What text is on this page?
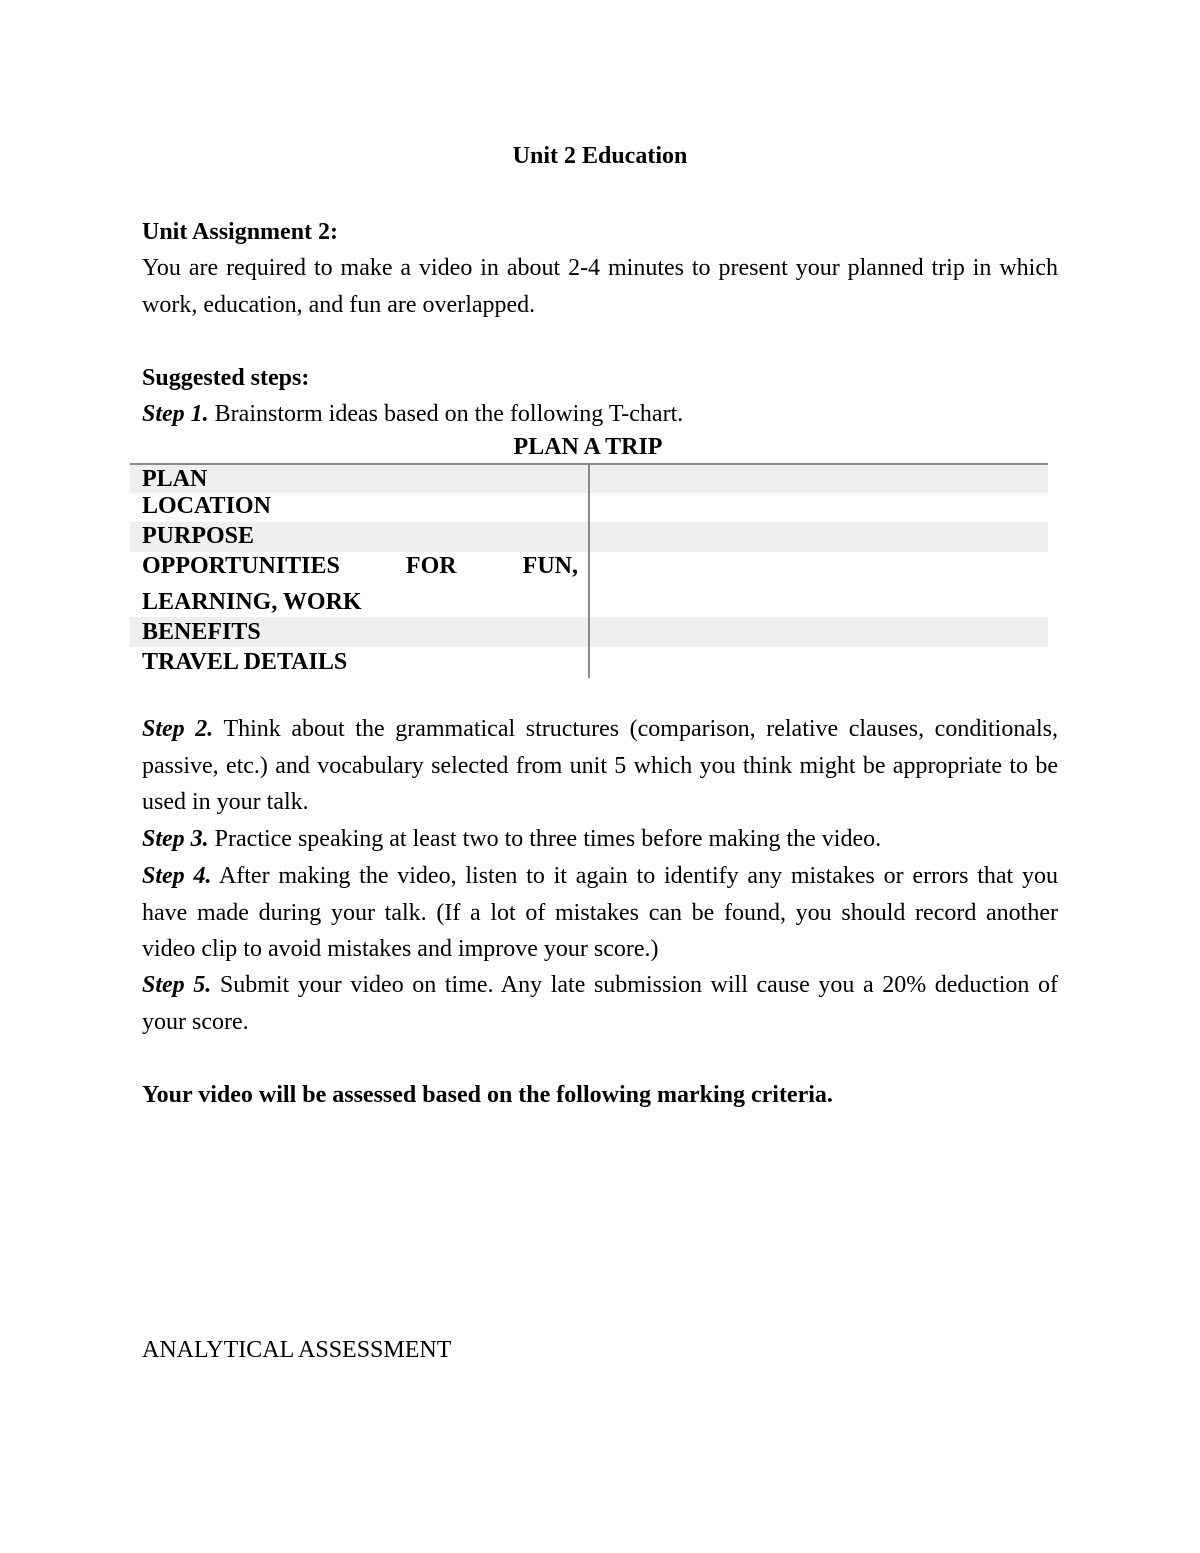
Unit 2 Education
Unit Assignment 2:
You are required to make a video in about 2-4 minutes to present your planned trip in which work, education, and fun are overlapped.
Suggested steps:
Step 1. Brainstorm ideas based on the following T-chart.
PLAN A TRIP
PLAN
LOCATION
PURPOSE
OPPORTUNITIES	FOR	FUN,
LEARNING, WORK
BENEFITS
TRAVEL DETAILS
Step 2. Think about the grammatical structures (comparison, relative clauses, conditionals, passive, etc.) and vocabulary selected from unit 5 which you think might be appropriate to be used in your talk.
Step 3. Practice speaking at least two to three times before making the video.
Step 4. After making the video, listen to it again to identify any mistakes or errors that you have made during your talk. (If a lot of mistakes can be found, you should record another video clip to avoid mistakes and improve your score.)
Step 5. Submit your video on time. Any late submission will cause you a 20% deduction of your score.
Your video will be assessed based on the following marking criteria.
ANALYTICAL ASSESSMENT
